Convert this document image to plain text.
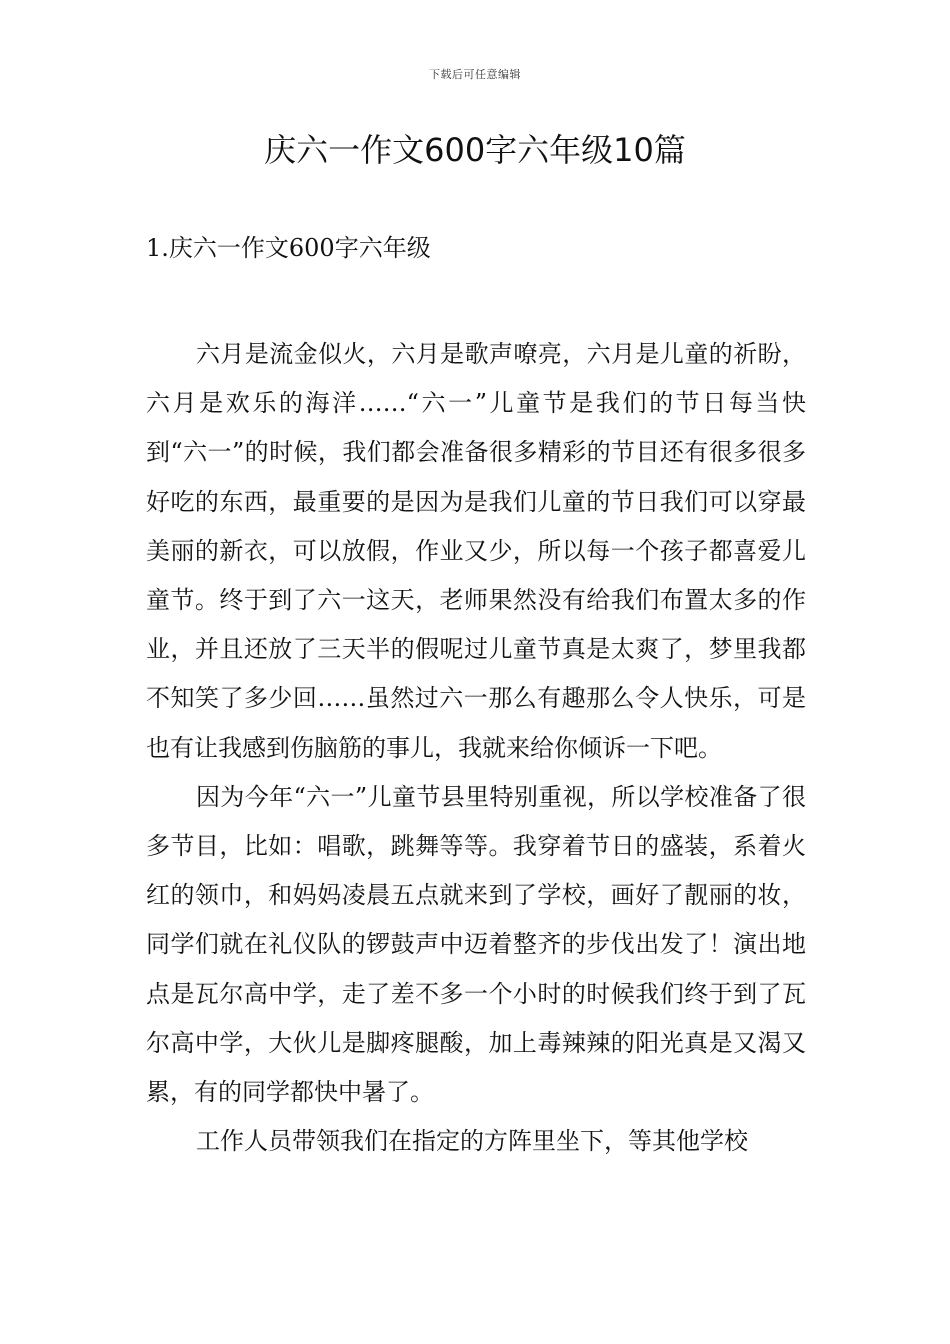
下载后可任意编辑
庆六一作文600字六年级10篇
1.庆六一作文600字六年级

六月是流金似火，六月是歌声嘹亮，六月是儿童的祈盼，六月是欢乐的海洋……“六一”儿童节是我们的节日每当快到“六一”的时候，我们都会准备很多精彩的节目还有很多很多好吃的东西，最重要的是因为是我们儿童的节日我们可以穿最美丽的新衣，可以放假，作业又少，所以每一个孩子都喜爱儿童节。终于到了六一这天，老师果然没有给我们布置太多的作业，并且还放了三天半的假呢过儿童节真是太爽了，梦里我都不知笑了多少回……虽然过六一那么有趣那么令人快乐，可是也有让我感到伤脑筋的事儿，我就来给你倾诉一下吧。

因为今年“六一”儿童节县里特别重视，所以学校准备了很多节目，比如：唱歌，跳舞等等。我穿着节日的盛装，系着火红的领巾，和妈妈凌晨五点就来到了学校，画好了靓丽的妆，同学们就在礼仪队的锣鼓声中迈着整齐的步伐出发了！演出地点是瓦尔高中学，走了差不多一个小时的时候我们终于到了瓦尔高中学，大伙儿是脚疼腿酸，加上毒辣辣的阳光真是又渴又累，有的同学都快中暑了。

工作人员带领我们在指定的方阵里坐下，等其他学校
